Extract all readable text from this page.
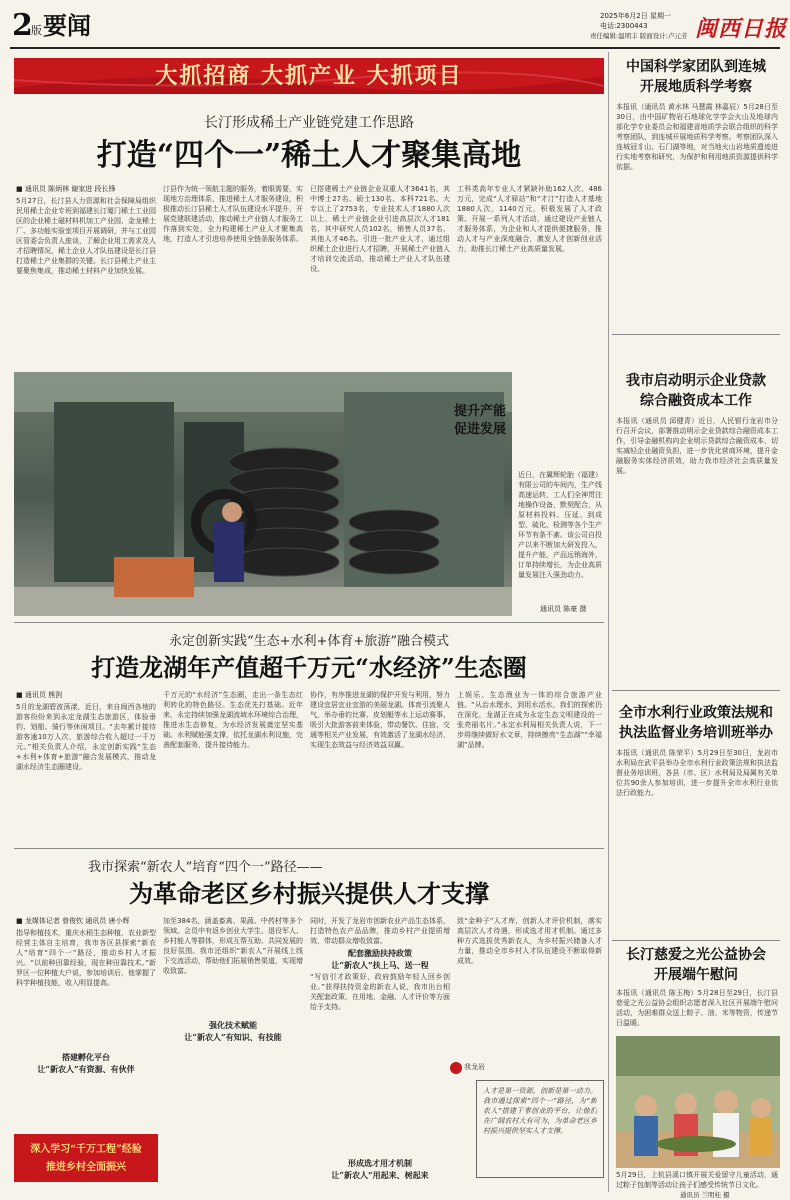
2
版 要闻	2025年6月2日 星期一
电话:2300443
责任编辑:温明丰 版面设计:卢元芳 闽西日报
大抓招商 大抓产业 大抓项目
长汀形成稀土产业链党建工作思路
打造“四个一”稀土人才聚集高地
■ 通讯员 陈炳林 谢家进 段长锋
5月27日，长汀县人力资源和社会保障局组织民用稀土企业专班到福建长汀厦门稀土工业园区的企业稀土磁材料机加工产业园、金龙稀土厂、多功能实验室项目开展调研，并与工业园区管委会负责人座谈，了解企业用工需求及人才招聘情况，稀土企业人才队伍建设是长汀县打造稀土产业集群的关键。长汀县稀土产业主要聚焦集成，推动稀土材料产业加快发展。
汀县作为统一领航主题的服务，着眼需要，实现地方治理体系，推进稀土人才服务建设，积极推动长汀县稀土人才队伍建设水平提升，开展党建联建活动，推动稀土产业链人才服务工作落到实处，全力构建稀土产业人才聚集高地，打造人才引进培养使用全链条服务体系。
已搭建稀土产业链企业双重人才3641名，其中博士27名、硕士130名、本科721名、大专以上了2753名，专业技术人才1880人次以上，稀土产业链企业引进高层次人才181名，其中研究人员102名，销售人员37名，其他人才46名。引进一批产业人才，通过组织稀土企业进行人才招聘，开展稀土产业链人才培训交流活动，推动稀土产业人才队伍建设。
工科类高年专业人才紧缺补助162人次、486万元，完成“人才驿站”和“才汀”打造人才基地1880人次，1140万元，积极发展了人才政策。开展一系列人才活动，通过建设产业链人才服务体系，为企业和人才提供便捷服务，推动人才与产业深度融合，激发人才创新创业活力，助推长汀稀土产业高质量发展。
提升产能
促进发展
近日，在翼辉轮胎（福建）有限公司的车间内，生产线高速运转，工人们全神贯注地操作设备，默契配合，从原材料投料、压延、到成型、硫化、检测等各个生产环节有条不紊。该公司自投产以来不断加大研发投入，提升产能，产品远销海外，订单持续增长，为企业高质量发展注入强劲动力。
通讯员 陈豪 摄
永定创新实践“生态+水利+体育+旅游”融合模式
打造龙湖年产值超千万元“水经济”生态圈
■ 通讯员 熊剀
5月的龙湖碧波荡漾，近日，来自闽西各地的游客纷纷来到永定龙湖生态旅游区，体验垂钓、划船、骑行等休闲项目。“去年累计接待游客逾10万人次，旅游综合收入超过一千万元。”相关负责人介绍，永定创新实践“生态+水利+体育+旅游”融合发展模式，推动龙湖水经济生态圈建设。
千万元的“水经济”生态圈，走出一条生态红利转化的特色路径。生态优先打基础。近年来，永定持续加强龙湖流域水环境综合治理，推进水生态修复，为水经济发展奠定坚实基础。水利赋能强支撑，依托龙湖水利设施，完善配套服务，提升接待能力。
协作，有序推进龙湖的保护开发与利用，努力建设宜居宜业宜游的美丽龙湖。体育引流聚人气，举办垂钓比赛、皮划艇等水上运动赛事，吸引大批游客前来体验，带动餐饮、住宿、交通等相关产业发展，有效激活了龙湖水经济，实现生态效益与经济效益双赢。
上娱乐、生态渔业为一体的综合旅游产业链。“从治水理水，到用水活水，我们的探索仍在深化，龙湖正在成为永定生态文明建设的一张亮丽名片。”永定水利局相关负责人说，下一步将继续做好水文章，持续擦亮“生态湖”“幸福湖”品牌。
我市探索“新农人”培育“四个一”路径——
为革命老区乡村振兴提供人才支撑
■ 龙媒体记者 曾俊钦 通讯员 唐小辉
指导和植技术，重庆水稻生态种植，农业新型经营主体自主培育，我市各区县探索“新农人”培育“四个一”路径，推动乡村人才振兴。“以前种田靠经验，现在种田靠技术。”新罗区一位种植大户说，参加培训后，他掌握了科学种植技能，收入明显提高。
搭建孵化平台
让“新农人”有资源、有伙伴
加至384名，涵盖畜禽、果蔬、中药材等多个领域。会员中有返乡创业大学生、退役军人、乡村能人等群体，形成互帮互助、共同发展的良好氛围。我市还组织“新农人”开展线上线下交流活动，帮助他们拓展销售渠道，实现增收致富。
强化技术赋能
让“新农人”有知识、有技能
同时，开发了龙岩市创新农业产品生态体系，打造特色农产品品牌，推动乡村产业提质增效，带动群众增收致富。
配套激励扶持政策
让“新农人”扶上马、送一程
“写信引才政策好，政府鼓励年轻人回乡创业。”获得扶持资金的新农人说，我市出台相关配套政策，在用地、金融、人才评价等方面给予支持。
形成选才用才机制
让“新农人”用起来、树起来
致“金种子”人才库，创新人才评价机制，落实高层次人才待遇，形成选才用才机制。通过多种方式选拔优秀新农人，为乡村振兴储备人才力量，推动全市乡村人才队伍建设不断取得新成效。
人才是第一资源，创新是第一动力。我市通过探索“四个一”路径，为“新农人”搭建干事创业的平台，让他们在广阔农村大有可为，为革命老区乡村振兴提供坚实人才支撑。
我龙岩
深入学习“千万工程”经验
推进乡村全面振兴
中国科学家团队到连城
开展地质科学考察
本报讯（通讯员 黄水林 马慧霞 林嘉辰）5月28日至30日，由中国矿物岩石地球化学学会火山及地球内部化学专业委员会和福建省地质学会联合组织的科学考察团队，到连城开展地质科学考察。考察团队深入连城冠豸山、石门湖等地，对当地火山岩地质遗迹进行实地考察和研究，为保护和利用地质资源提供科学依据。
我市启动明示企业贷款
综合融资成本工作
本报讯（通讯员 邱健青）近日，人民银行龙岩市分行召开会议，部署推动明示企业贷款综合融资成本工作，引导金融机构向企业明示贷款综合融资成本，切实减轻企业融资负担，进一步优化营商环境，提升金融服务实体经济质效，助力我市经济社会高质量发展。
全市水利行业政策法规和
执法监督业务培训班举办
本报讯（通讯员 陈荣平）5月29日至30日，龙岩市水利局在武平县举办全市水利行业政策法规和执法监督业务培训班，各县（市、区）水利局及局属有关单位共90余人参加培训，进一步提升全市水利行业依法行政能力。
长汀慈爱之光公益协会
开展端午慰问
本报讯（通讯员 陈玉梅）5月28日至29日，长汀县慈爱之光公益协会组织志愿者深入社区开展端午慰问活动，为困难群众送上粽子、油、米等物资，传递节日温暖。
5月29日，上杭县溪口镇开展关爱留守儿童活动，通过粽子包制等活动让孩子们感受传统节日文化。
通讯员 兰明桂 摄
